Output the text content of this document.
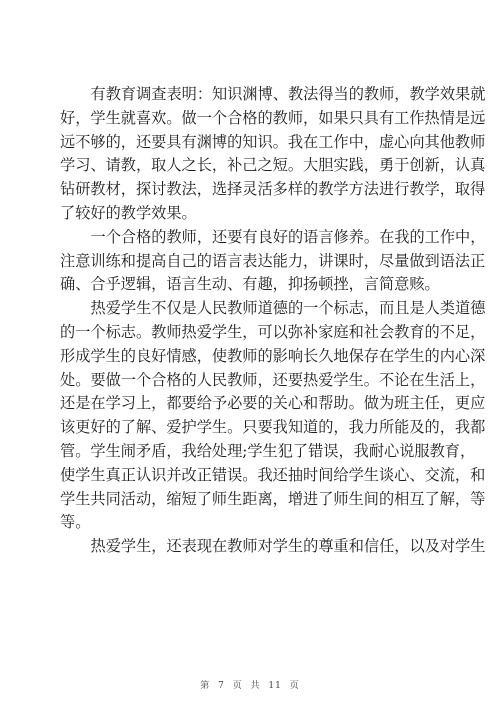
有教育调查表明：知识渊博、教法得当的教师，教学效果就
好，学生就喜欢。做一个合格的教师，如果只具有工作热情是远
远不够的，还要具有渊博的知识。我在工作中，虚心向其他教师
学习、请教，取人之长，补己之短。大胆实践，勇于创新，认真
钻研教材，探讨教法，选择灵活多样的教学方法进行教学，取得
了较好的教学效果。
一个合格的教师，还要有良好的语言修养。在我的工作中，
注意训练和提高自己的语言表达能力，讲课时，尽量做到语法正
确、合乎逻辑，语言生动、有趣，抑扬顿挫，言简意赅。
热爱学生不仅是人民教师道德的一个标志，而且是人类道德
的一个标志。教师热爱学生，可以弥补家庭和社会教育的不足，
形成学生的良好情感，使教师的影响长久地保存在学生的内心深
处。要做一个合格的人民教师，还要热爱学生。不论在生活上，
还是在学习上，都要给予必要的关心和帮助。做为班主任，更应
该更好的了解、爱护学生。只要我知道的，我力所能及的，我都
管。学生闹矛盾，我给处理;学生犯了错误，我耐心说服教育，
使学生真正认识并改正错误。我还抽时间给学生谈心、交流，和
学生共同活动，缩短了师生距离，增进了师生间的相互了解，等
等。
热爱学生，还表现在教师对学生的尊重和信任，以及对学生
第 7 页 共 11 页
